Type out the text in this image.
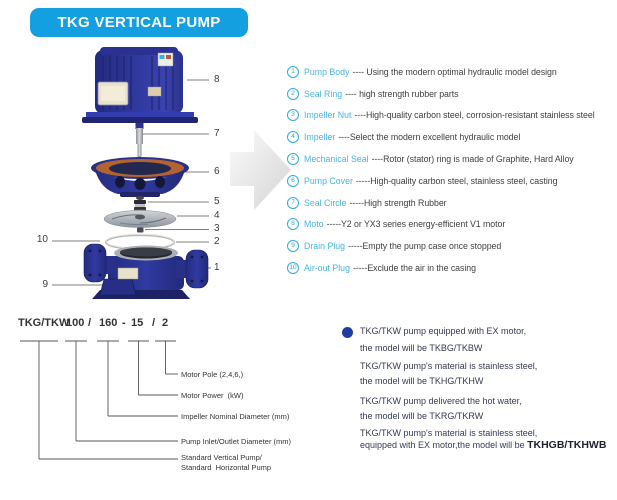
TKG VERTICAL PUMP
8
7
6
5
4
3
2
1
10
9
1	Pump Body ---- Using the modern optimal hydraulic model design
2	Seal Ring ---- high strength rubber parts
3	Impeller Nut ----High-quality carbon steel, corrosion-resistant stainless steel
4	Impeller ----Select the modern excellent hydraulic model
5	Mechanical Seal ----Rotor (stator) ring is made of Graphite, Hard Alloy
6	Pump Cover -----High-quality carbon steel, stainless steel, casting
7	Seal Circle -----High strength Rubber
8	Moto -----Y2 or YX3 series energy-efficient V1 motor
9	Drain Plug -----Empty the pump case once stopped
10 Air-out Plug -----Exclude the air in the casing
TKG/TKW
100 / 160 - 15 / 2
Motor Pole (2,4,6,)
Motor Power  (kW)
Impeller Nominal Diameter (mm)
Pump Inlet/Outlet Diameter (mm)
Standard Vertical Pump/
Standard  Horizontal Pump
TKG/TKW pump equipped with EX motor,
the model will be TKBG/TKBW
TKG/TKW pump's material is stainless steel,
the model will be TKHG/TKHW
TKG/TKW pump delivered the hot water,
the model will be TKRG/TKRW
TKG/TKW pump's material is stainless steel,
equipped with EX motor,the model will be TKHGB/TKHWB
